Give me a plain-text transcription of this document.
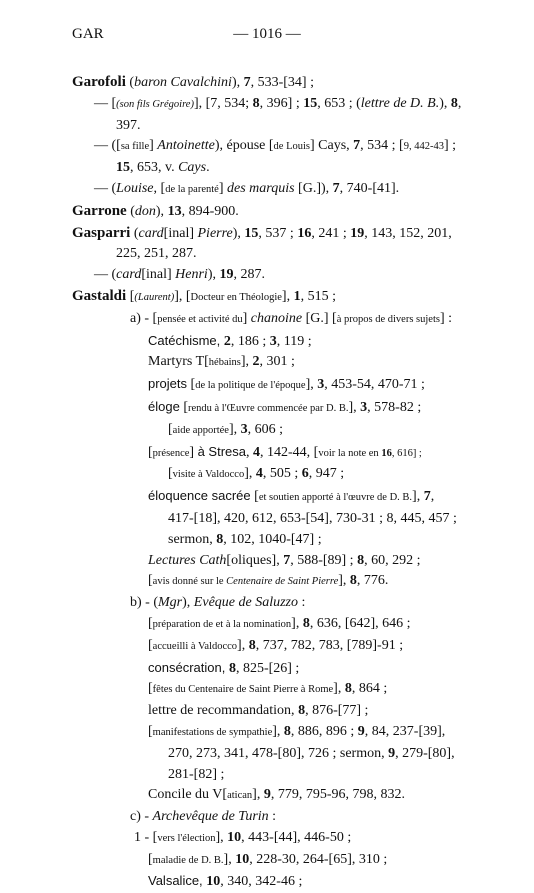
GAR	— 1016 —
Garofoli (baron Cavalchini), 7, 533-[34] ;
— [(son fils Grégoire)], [7, 534; 8, 396] ; 15, 653 ; (lettre de D. B.), 8,
397.
— ([sa fille] Antoinette), épouse [de Louis] Cays, 7, 534 ; [9, 442-43] ;
15, 653, v. Cays.
— (Louise, [de la parenté] des marquis [G.]), 7, 740-[41].
Garrone (don), 13, 894-900.
Gasparri (card[inal] Pierre), 15, 537 ; 16, 241 ; 19, 143, 152, 201,
225, 251, 287.
— (card[inal] Henri), 19, 287.
Gastaldi [(Laurent)], [Docteur en Théologie], 1, 515 ;
a) - [pensée et activité du] chanoine [G.] [à propos de divers sujets] :
Catéchisme, 2, 186 ; 3, 119 ;
Martyrs T[hébains], 2, 301 ;
projets [de la politique de l'époque], 3, 453-54, 470-71 ;
éloge [rendu à l'Œuvre commencée par D. B.], 3, 578-82 ;
[aide apportée], 3, 606 ;
[présence] à Stresa, 4, 142-44, [voir la note en 16, 616] ;
[visite à Valdocco], 4, 505 ; 6, 947 ;
éloquence sacrée [et soutien apporté à l'œuvre de D. B.], 7,
417-[18], 420, 612, 653-[54], 730-31 ; 8, 445, 457 ;
sermon, 8, 102, 1040-[47] ;
Lectures Cath[oliques], 7, 588-[89] ; 8, 60, 292 ;
[avis donné sur le Centenaire de Saint Pierre], 8, 776.
b) - (Mgr), Evêque de Saluzzo :
[préparation de et à la nomination], 8, 636, [642], 646 ;
[accueilli à Valdocco], 8, 737, 782, 783, [789]-91 ;
consécration, 8, 825-[26] ;
[fêtes du Centenaire de Saint Pierre à Rome], 8, 864 ;
lettre de recommandation, 8, 876-[77] ;
[manifestations de sympathie], 8, 886, 896 ; 9, 84, 237-[39],
270, 273, 341, 478-[80], 726 ; sermon, 9, 279-[80],
281-[82] ;
Concile du V[atican], 9, 779, 795-96, 798, 832.
c) - Archevêque de Turin :
1 - [vers l'élection], 10, 443-[44], 446-50 ;
[maladie de D. B.], 10, 228-30, 264-[65], 310 ;
Valsalice, 10, 340, 342-46 ;
